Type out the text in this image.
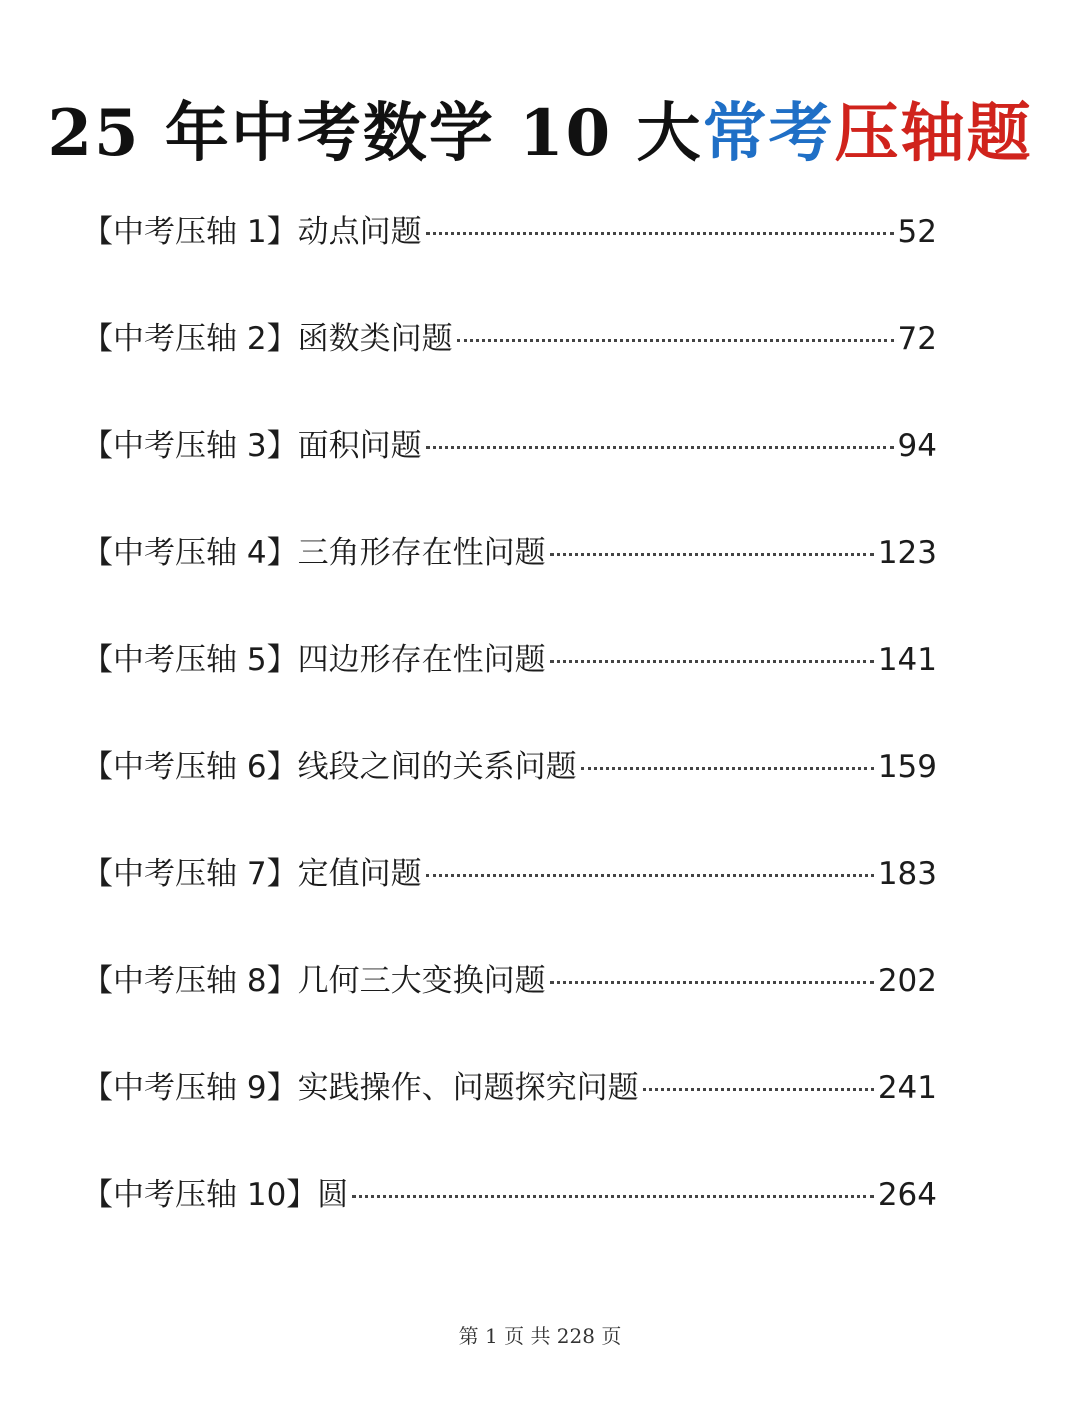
25 年中考数学 10 大常考压轴题
【中考压轴 1】动点问题	52
【中考压轴 2】函数类问题	72
【中考压轴 3】面积问题	94
【中考压轴 4】三角形存在性问题	123
【中考压轴 5】四边形存在性问题	141
【中考压轴 6】线段之间的关系问题	159
【中考压轴 7】定值问题	183
【中考压轴 8】几何三大变换问题	202
【中考压轴 9】实践操作、问题探究问题	241
【中考压轴 10】圆	264
第 1 页 共 228 页
